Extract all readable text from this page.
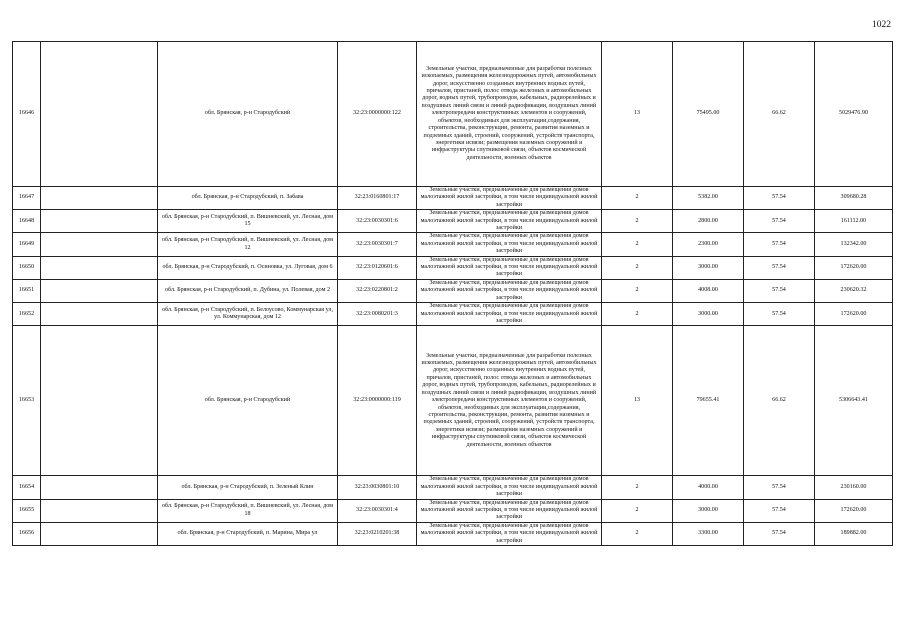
1022
16646		обл. Брянская, р-н Стародубский	32:23:0000000:122	Земельные участки, предназначенные для разработки полезных ископаемых, размещения железнодорожных путей, автомобильных дорог, искусственно созданных внутренних водных путей, причалов, пристаней, полос отвода железных и автомобильных дорог, водных путей, трубопроводов, кабельных, радиорелейных и воздушных линий связи и линий радиофикации, воздушных линий электропередачи конструктивных элементов и сооружений, объектов, необходимых для эксплуатации,содержания, строительства, реконструкции, ремонта, развития наземных и подземных зданий, строений, сооружений, устройств транспорта, энергетики исвязи; размещения наземных сооружений и инфраструктуры спутниковой связи, объектов космической деятельности, военных объектов	13	75495.00	66.62	5029476.90
16647		обл. Брянская, р-н Стародубский, п. Забава	32:23:0160801:17	Земельные участки, предназначенные для размещения домов малоэтажной жилой застройки, в том числе индивидуальной жилой застройки	2	5382.00	57.54	309680.28
16648		обл. Брянская, р-н Стародубский, п. Вишневский, ул. Лесная, дом 15	32:23:0030301:6	Земельные участки, предназначенные для размещения домов малоэтажной жилой застройки, в том числе индивидуальной жилой застройки	2	2800.00	57.54	161112.00
16649		обл. Брянская, р-н Стародубский, п. Вишневский, ул. Лесная, дом 12	32:23:0030301:7	Земельные участки, предназначенные для размещения домов малоэтажной жилой застройки, в том числе индивидуальной жилой застройки	2	2300.00	57.54	132342.00
16650		обл. Брянская, р-н Стародубский, п. Осиновка, ул. Луговая, дом 6	32:23:0120601:6	Земельные участки, предназначенные для размещения домов малоэтажной жилой застройки, в том числе индивидуальной жилой застройки	2	3000.00	57.54	172620.00
16651		обл. Брянская, р-н Стародубский, п. Дубина, ул. Полевая, дом 2	32:23:0220801:2	Земельные участки, предназначенные для размещения домов малоэтажной жилой застройки, в том числе индивидуальной жилой застройки	2	4008.00	57.54	230620.32
16652		обл. Брянская, р-н Стародубский, п. Белоусово, Коммунарская ул, ул. Коммунарская, дом 12	32:23:0080201:3	Земельные участки, предназначенные для размещения домов малоэтажной жилой застройки, в том числе индивидуальной жилой застройки	2	3000.00	57.54	172620.00
16653		обл. Брянская, р-н Стародубский	32:23:0000000:119	Земельные участки, предназначенные для разработки полезных ископаемых, размещения железнодорожных путей, автомобильных дорог, искусственно созданных внутренних водных путей, причалов, пристаней, полос отвода железных и автомобильных дорог, водных путей, трубопроводов, кабельных, радиорелейных и воздушных линий связи и линий радиофикации, воздушных линий электропередачи конструктивных элементов и сооружений, объектов, необходимых для эксплуатации,содержания, строительства, реконструкции, ремонта, развития наземных и подземных зданий, строений, сооружений, устройств транспорта, энергетики исвязи; размещения наземных сооружений и инфраструктуры спутниковой связи, объектов космической деятельности, военных объектов	13	79655.41	66.62	5306643.41
16654		обл. Брянская, р-н Стародубский, п. Зеленый Клин	32:23:0030801:10	Земельные участки, предназначенные для размещения домов малоэтажной жилой застройки, в том числе индивидуальной жилой застройки	2	4000.00	57.54	230160.00
16655		обл. Брянская, р-н Стародубский, п. Вишневский, ул. Лесная, дом 18	32:23:0030301:4	Земельные участки, предназначенные для размещения домов малоэтажной жилой застройки, в том числе индивидуальной жилой застройки	2	3000.00	57.54	172620.00
16656		обл. Брянская, р-н Стародубский, п. Марина, Мира ул	32:23:0210201:38	Земельные участки, предназначенные для размещения домов малоэтажной жилой застройки, в том числе индивидуальной жилой застройки	2	3300.00	57.54	189882.00
